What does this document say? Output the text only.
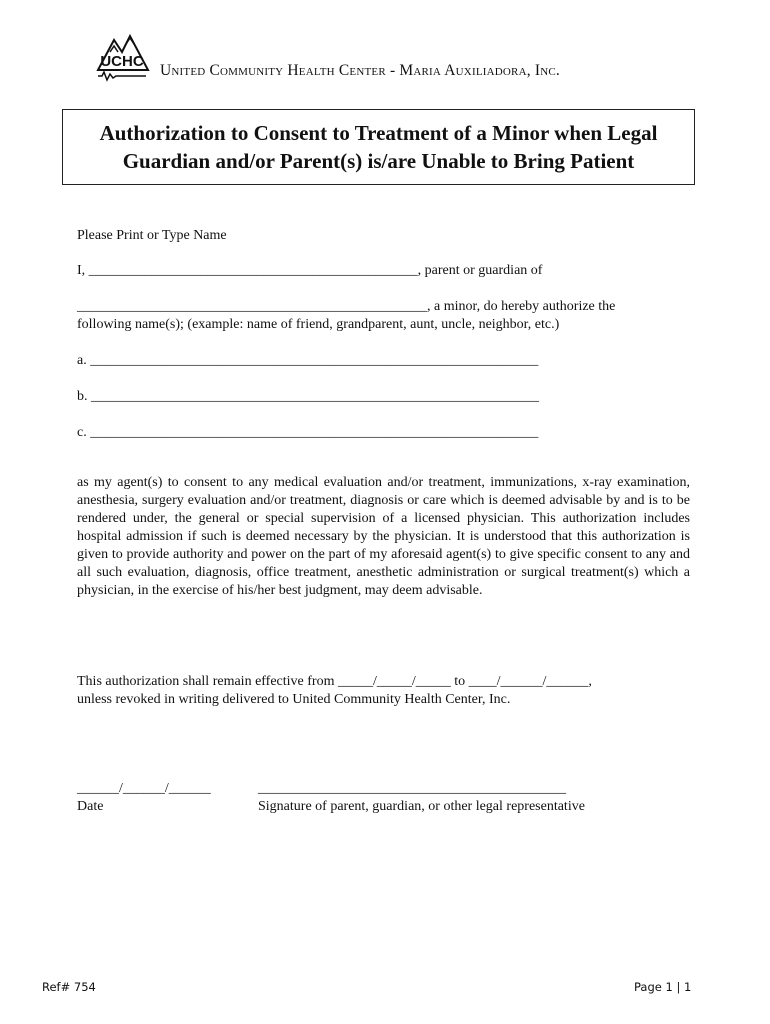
UCHC
United Community Health Center - Maria Auxiliadora, Inc.
Authorization to Consent to Treatment of a Minor when Legal
Guardian and/or Parent(s) is/are Unable to Bring Patient
Please Print or Type Name
I, _______________________________________________, parent or guardian of
__________________________________________________, a minor, do hereby authorize the
following name(s); (example: name of friend, grandparent, aunt, uncle, neighbor, etc.)
a. ________________________________________________________________
b. ________________________________________________________________
c. ________________________________________________________________

as my agent(s) to consent to any medical evaluation and/or treatment, immunizations, x-ray examination, anesthesia, surgery evaluation and/or treatment, diagnosis or care which is deemed advisable by and is to be rendered under, the general or special supervision of a licensed physician. This authorization includes hospital admission if such is deemed necessary by the physician. It is understood that this authorization is given to provide authority and power on the part of my aforesaid agent(s) to give specific consent to any and all such evaluation, diagnosis, office treatment, anesthetic administration or surgical treatment(s) which a physician, in the exercise of his/her best judgment, may deem advisable.

This authorization shall remain effective from _____/_____/_____ to ____/______/______,
unless revoked in writing delivered to United Community Health Center, Inc.
______/______/______
Date
____________________________________________
Signature of parent, guardian, or other legal representative
Ref# 754	Page 1 | 1
